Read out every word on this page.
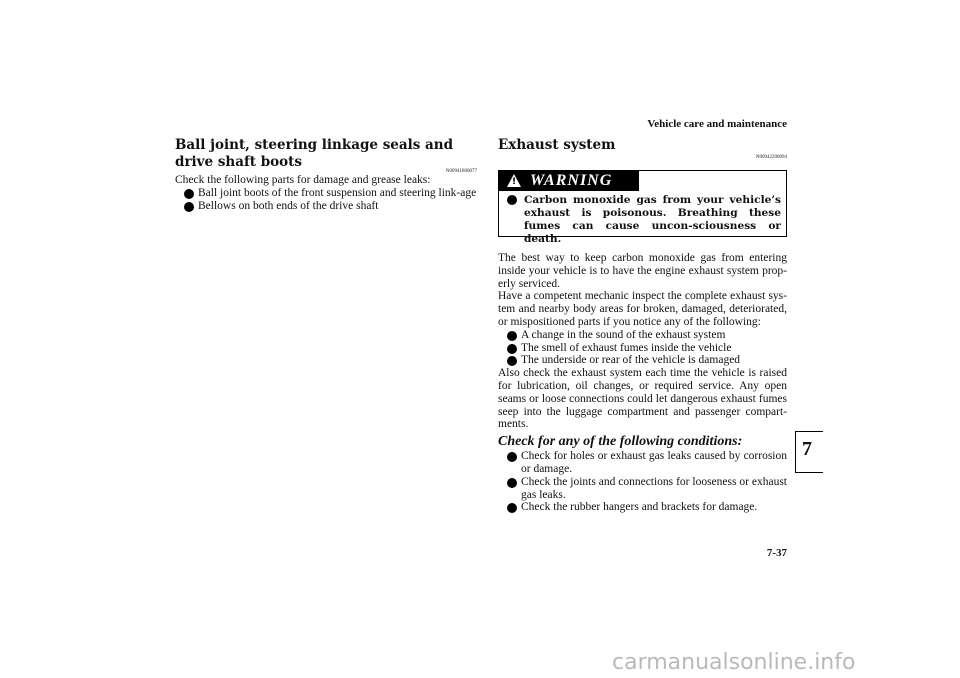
Vehicle care and maintenance
Ball joint, steering linkage seals and drive shaft boots
N00941800077
Check the following parts for damage and grease leaks:
Ball joint boots of the front suspension and steering link-age
Bellows on both ends of the drive shaft
Exhaust system
N00942200094
! WARNING
Carbon monoxide gas from your vehicle’s exhaust is poisonous. Breathing these fumes can cause uncon-sciousness or death.
The best way to keep carbon monoxide gas from entering inside your vehicle is to have the engine exhaust system prop-erly serviced.
Have a competent mechanic inspect the complete exhaust sys-tem and nearby body areas for broken, damaged, deteriorated, or mispositioned parts if you notice any of the following:
A change in the sound of the exhaust system
The smell of exhaust fumes inside the vehicle
The underside or rear of the vehicle is damaged
Also check the exhaust system each time the vehicle is raised for lubrication, oil changes, or required service. Any open seams or loose connections could let dangerous exhaust fumes seep into the luggage compartment and passenger compart-ments.
Check for any of the following conditions:
Check for holes or exhaust gas leaks caused by corrosion or damage.
Check the joints and connections for looseness or exhaust gas leaks.
Check the rubber hangers and brackets for damage.
7
7-37
carmanualsonline.info
